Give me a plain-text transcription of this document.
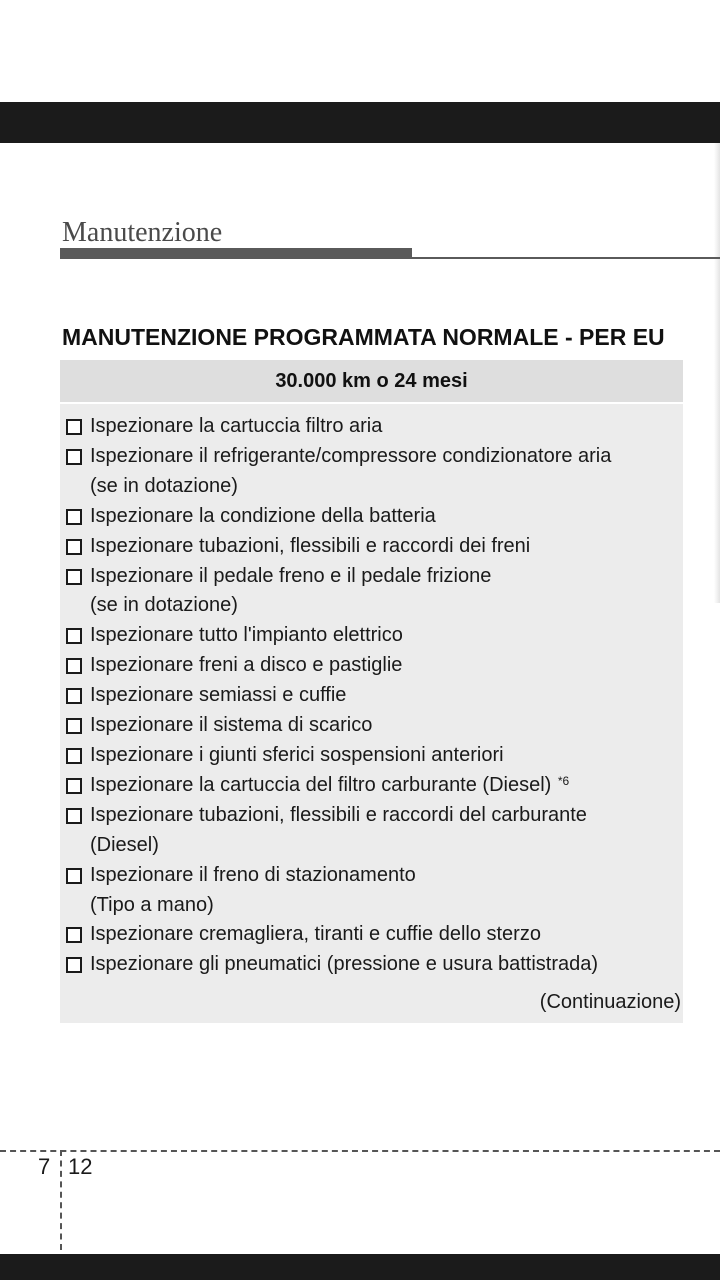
Manutenzione
MANUTENZIONE PROGRAMMATA NORMALE - PER EU
30.000 km o 24 mesi
Ispezionare la cartuccia filtro aria
Ispezionare il refrigerante/compressore condizionatore aria
(se in dotazione)
Ispezionare la condizione della batteria
Ispezionare tubazioni, flessibili e raccordi dei freni
Ispezionare il pedale freno e il pedale frizione
(se in dotazione)
Ispezionare tutto l'impianto elettrico
Ispezionare freni a disco e pastiglie
Ispezionare semiassi e cuffie
Ispezionare il sistema di scarico
Ispezionare i giunti sferici sospensioni anteriori
Ispezionare la cartuccia del filtro carburante (Diesel) $^{*6}$
Ispezionare tubazioni, flessibili e raccordi del carburante
(Diesel)
Ispezionare il freno di stazionamento
(Tipo a mano)
Ispezionare cremagliera, tiranti e cuffie dello sterzo
Ispezionare gli pneumatici (pressione e usura battistrada)
(Continuazione)
7 12
